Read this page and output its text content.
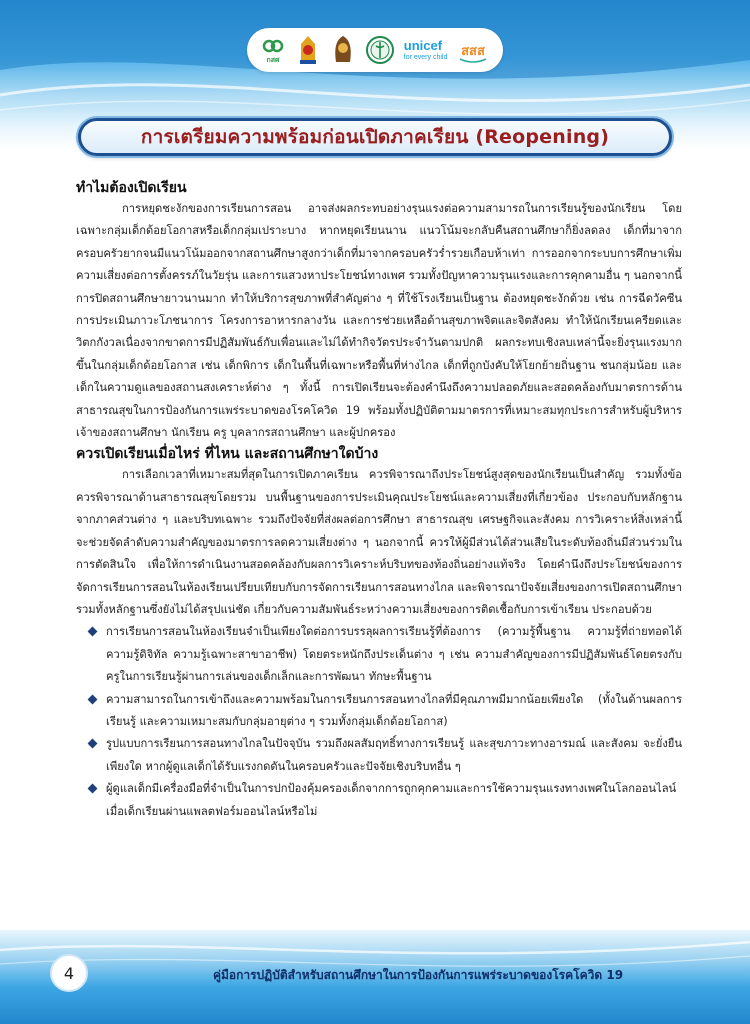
กสศ
unicef
for every child สสส
การเตรียมความพร้อมก่อนเปิดภาคเรียน (Reopening)
ทำไมต้องเปิดเรียน

การหยุดชะงักของการเรียนการสอน อาจส่งผลกระทบอย่างรุนแรงต่อความสามารถในการเรียนรู้ของนักเรียน โดยเฉพาะกลุ่มเด็กด้อยโอกาสหรือเด็กกลุ่มเปราะบาง หากหยุดเรียนนาน แนวโน้มจะกลับคืนสถานศึกษาก็ยิ่งลดลง เด็กที่มาจากครอบครัวยากจนมีแนวโน้มออกจากสถานศึกษาสูงกว่าเด็กที่มาจากครอบครัวร่ำรวยเกือบห้าเท่า การออกจากระบบการศึกษาเพิ่มความเสี่ยงต่อการตั้งครรภ์ในวัยรุ่น และการแสวงหาประโยชน์ทางเพศ รวมทั้งปัญหาความรุนแรงและการคุกคามอื่น ๆ นอกจากนี้ การปิดสถานศึกษายาวนานมาก ทำให้บริการสุขภาพที่สำคัญต่าง ๆ ที่ใช้โรงเรียนเป็นฐาน ต้องหยุดชะงักด้วย เช่น การฉีดวัคซีน การประเมินภาวะโภชนาการ โครงการอาหารกลางวัน และการช่วยเหลือด้านสุขภาพจิตและจิตสังคม ทำให้นักเรียนเครียดและวิตกกังวลเนื่องจากขาดการมีปฏิสัมพันธ์กับเพื่อนและไม่ได้ทำกิจวัตรประจำวันตามปกติ ผลกระทบเชิงลบเหล่านี้จะยิ่งรุนแรงมากขึ้นในกลุ่มเด็กด้อยโอกาส เช่น เด็กพิการ เด็กในพื้นที่เฉพาะหรือพื้นที่ห่างไกล เด็กที่ถูกบังคับให้โยกย้ายถิ่นฐาน ชนกลุ่มน้อย และเด็กในความดูแลของสถานสงเคราะห์ต่าง ๆ ทั้งนี้ การเปิดเรียนจะต้องคำนึงถึงความปลอดภัยและสอดคล้องกับมาตรการด้านสาธารณสุขในการป้องกันการแพร่ระบาดของโรคโควิด 19 พร้อมทั้งปฏิบัติตามมาตรการที่เหมาะสมทุกประการสำหรับผู้บริหาร เจ้าของสถานศึกษา นักเรียน ครู บุคลากรสถานศึกษา และผู้ปกครอง

ควรเปิดเรียนเมื่อไหร่ ที่ไหน และสถานศึกษาใดบ้าง

การเลือกเวลาที่เหมาะสมที่สุดในการเปิดภาคเรียน ควรพิจารณาถึงประโยชน์สูงสุดของนักเรียนเป็นสำคัญ รวมทั้งข้อควรพิจารณาด้านสาธารณสุขโดยรวม บนพื้นฐานของการประเมินคุณประโยชน์และความเสี่ยงที่เกี่ยวข้อง ประกอบกับหลักฐานจากภาคส่วนต่าง ๆ และบริบทเฉพาะ รวมถึงปัจจัยที่ส่งผลต่อการศึกษา สาธารณสุข เศรษฐกิจและสังคม การวิเคราะห์สิ่งเหล่านี้จะช่วยจัดลำดับความสำคัญของมาตรการลดความเสี่ยงต่าง ๆ นอกจากนี้ ควรให้ผู้มีส่วนได้ส่วนเสียในระดับท้องถิ่นมีส่วนร่วมในการตัดสินใจ เพื่อให้การดำเนินงานสอดคล้องกับผลการวิเคราะห์บริบทของท้องถิ่นอย่างแท้จริง โดยคำนึงถึงประโยชน์ของการจัดการเรียนการสอนในห้องเรียนเปรียบเทียบกับการจัดการเรียนการสอนทางไกล และพิจารณาปัจจัยเสี่ยงของการเปิดสถานศึกษา รวมทั้งหลักฐานซึ่งยังไม่ได้สรุปแน่ชัด เกี่ยวกับความสัมพันธ์ระหว่างความเสี่ยงของการติดเชื้อกับการเข้าเรียน ประกอบด้วย

การเรียนการสอนในห้องเรียนจำเป็นเพียงใดต่อการบรรลุผลการเรียนรู้ที่ต้องการ (ความรู้พื้นฐาน ความรู้ที่ถ่ายทอดได้ ความรู้ดิจิทัล ความรู้เฉพาะสาขาอาชีพ) โดยตระหนักถึงประเด็นต่าง ๆ เช่น ความสำคัญของการมีปฏิสัมพันธ์โดยตรงกับครูในการเรียนรู้ผ่านการเล่นของเด็กเล็กและการพัฒนา ทักษะพื้นฐาน
ความสามารถในการเข้าถึงและความพร้อมในการเรียนการสอนทางไกลที่มีคุณภาพมีมากน้อยเพียงใด (ทั้งในด้านผลการเรียนรู้ และความเหมาะสมกับกลุ่มอายุต่าง ๆ รวมทั้งกลุ่มเด็กด้อยโอกาส)
รูปแบบการเรียนการสอนทางไกลในปัจจุบัน รวมถึงผลสัมฤทธิ์ทางการเรียนรู้ และสุขภาวะทางอารมณ์ และสังคม จะยั่งยืนเพียงใด หากผู้ดูแลเด็กได้รับแรงกดดันในครอบครัวและปัจจัยเชิงบริบทอื่น ๆ
ผู้ดูแลเด็กมีเครื่องมือที่จำเป็นในการปกป้องคุ้มครองเด็กจากการถูกคุกคามและการใช้ความรุนแรงทางเพศในโลกออนไลน์ เมื่อเด็กเรียนผ่านแพลตฟอร์มออนไลน์หรือไม่
4	คู่มือการปฏิบัติสำหรับสถานศึกษาในการป้องกันการแพร่ระบาดของโรคโควิด 19
